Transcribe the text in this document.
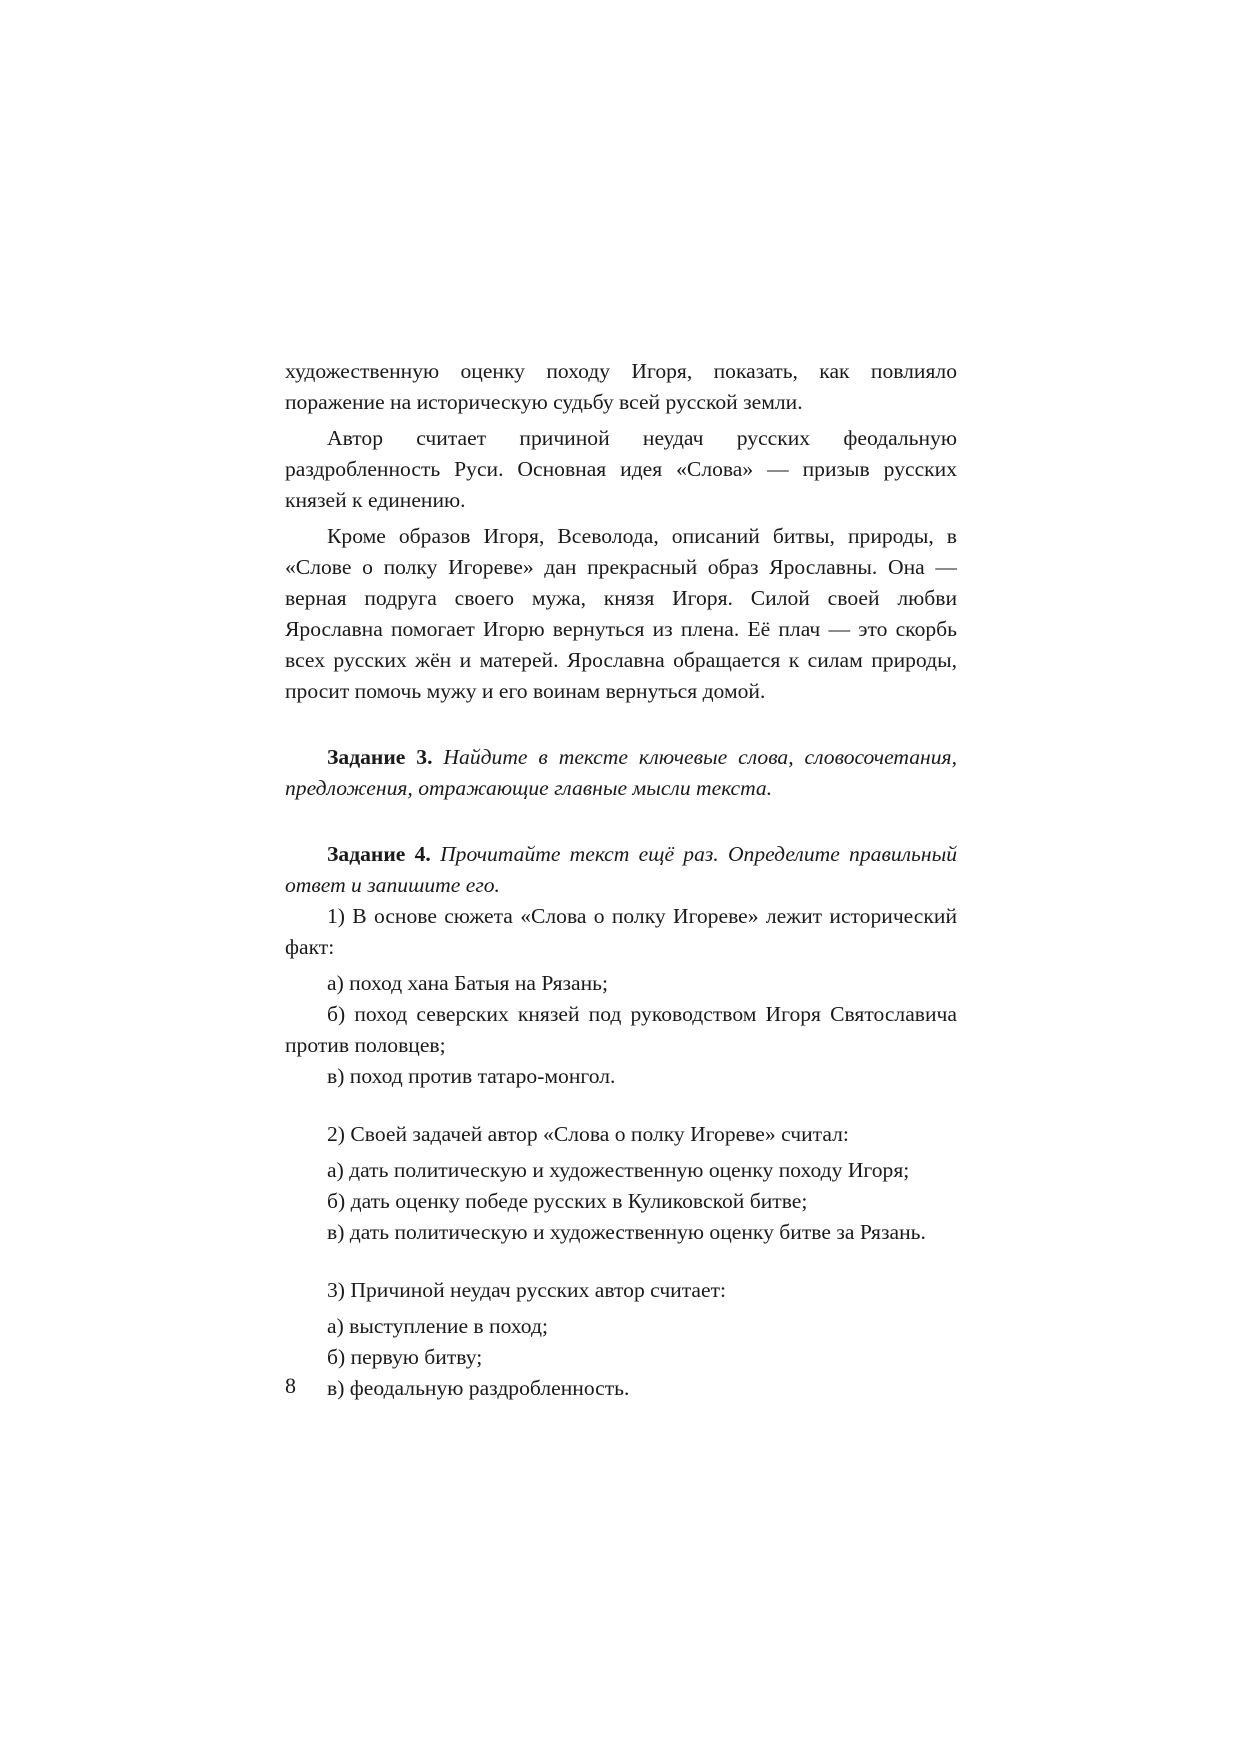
художественную оценку походу Игоря, показать, как повлияло поражение на историческую судьбу всей русской земли.

Автор считает причиной неудач русских феодальную раздробленность Руси. Основная идея «Слова» — призыв русских князей к единению.

Кроме образов Игоря, Всеволода, описаний битвы, природы, в «Слове о полку Игореве» дан прекрасный образ Ярославны. Она — верная подруга своего мужа, князя Игоря. Силой своей любви Ярославна помогает Игорю вернуться из плена. Её плач — это скорбь всех русских жён и матерей. Ярославна обращается к силам природы, просит помочь мужу и его воинам вернуться домой.

Задание 3. Найдите в тексте ключевые слова, словосочетания, предложения, отражающие главные мысли текста.

Задание 4. Прочитайте текст ещё раз. Определите правильный ответ и запишите его.

1) В основе сюжета «Слова о полку Игореве» лежит исторический факт:

а) поход хана Батыя на Рязань;

б) поход северских князей под руководством Игоря Святославича против половцев;

в) поход против татаро-монгол.

2) Своей задачей автор «Слова о полку Игореве» считал:

а) дать политическую и художественную оценку походу Игоря;

б) дать оценку победе русских в Куликовской битве;

в) дать политическую и художественную оценку битве за Рязань.

3) Причиной неудач русских автор считает:

а) выступление в поход;

б) первую битву;

в) феодальную раздробленность.

8
